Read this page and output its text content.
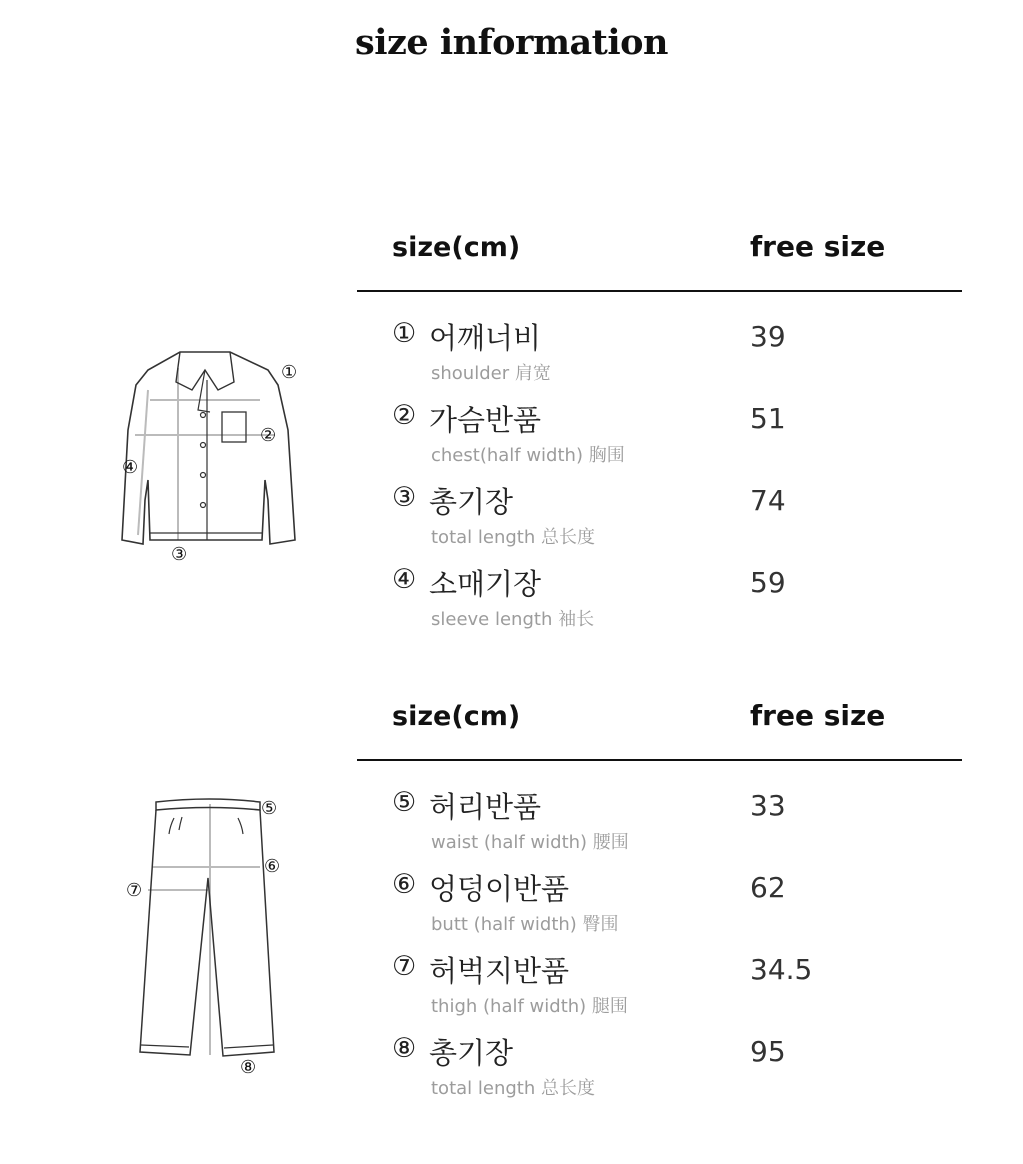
size information
①
②
③
④
⑤
⑥
⑦
⑧
size(cm)	free size
① 어깨너비
shoulder 肩宽
39
② 가슴반품
chest(half width) 胸围
51
③ 총기장
total length 总长度
74
④ 소매기장
sleeve length 袖长
59
size(cm)	free size
⑤ 허리반품
waist (half width) 腰围
33
⑥ 엉덩이반품
butt (half width) 臀围
62
⑦ 허벅지반품
thigh (half width) 腿围
34.5
⑧ 총기장
total length 总长度
95
